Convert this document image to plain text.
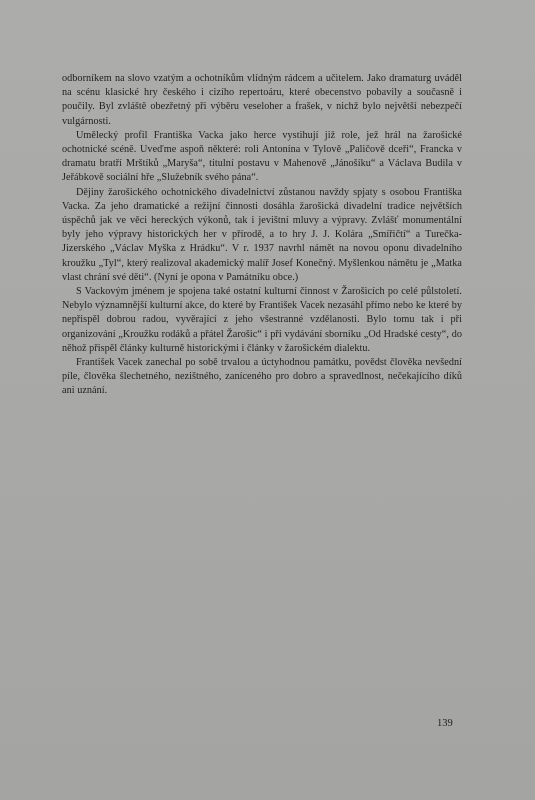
odborníkem na slovo vzatým a ochotníkům vlídným rádcem a učitelem. Jako dramaturg uváděl na scénu klasické hry českého i cizího repertoáru, které obecenstvo pobavily a současně i poučily. Byl zvláště obezřetný při výběru veseloher a frašek, v nichž bylo největší nebezpečí vulgárnosti.

Umělecký profil Františka Vacka jako herce vystihují již role, jež hrál na žarošické ochotnické scéně. Uveďme aspoň některé: roli Antonína v Tylově „Paličově dceři“, Francka v dramatu bratří Mrštíků „Maryša“, titulní postavu v Mahenově „Jánošíku“ a Václava Budila v Jeřábkově sociální hře „Služebník svého pána“.

Dějiny žarošického ochotnického divadelnictví zůstanou navždy spjaty s osobou Františka Vacka. Za jeho dramatické a režijní činnosti dosáhla žarošická divadelní tradice největších úspěchů jak ve věci hereckých výkonů, tak i jevištní mluvy a výpravy. Zvlášť monumentální byly jeho výpravy historických her v přírodě, a to hry J. J. Kolára „Smířičtí“ a Turečka-Jizerského „Václav Myška z Hrádku“. V r. 1937 navrhl námět na novou oponu divadelního kroužku „Tyl“, který realizoval akademický malíř Josef Konečný. Myšlenkou námětu je „Matka vlast chrání své děti“. (Nyní je opona v Památníku obce.)

S Vackovým jménem je spojena také ostatní kulturní činnost v Žarošicích po celé půlstoletí. Nebylo významnější kulturní akce, do které by František Vacek nezasáhl přímo nebo ke které by nepřispěl dobrou radou, vyvěrající z jeho všestranné vzdělanosti. Bylo tomu tak i při organizování „Kroužku rodáků a přátel Žarošic“ i při vydávání sborníku „Od Hradské cesty“, do něhož přispěl články kulturně historickými i články v žarošickém dialektu.

František Vacek zanechal po sobě trvalou a úctyhodnou památku, povědst člověka nevšední píle, člověka šlechetného, nezištného, zaníceného pro dobro a spravedlnost, nečekajícího díků ani uznání.

139
